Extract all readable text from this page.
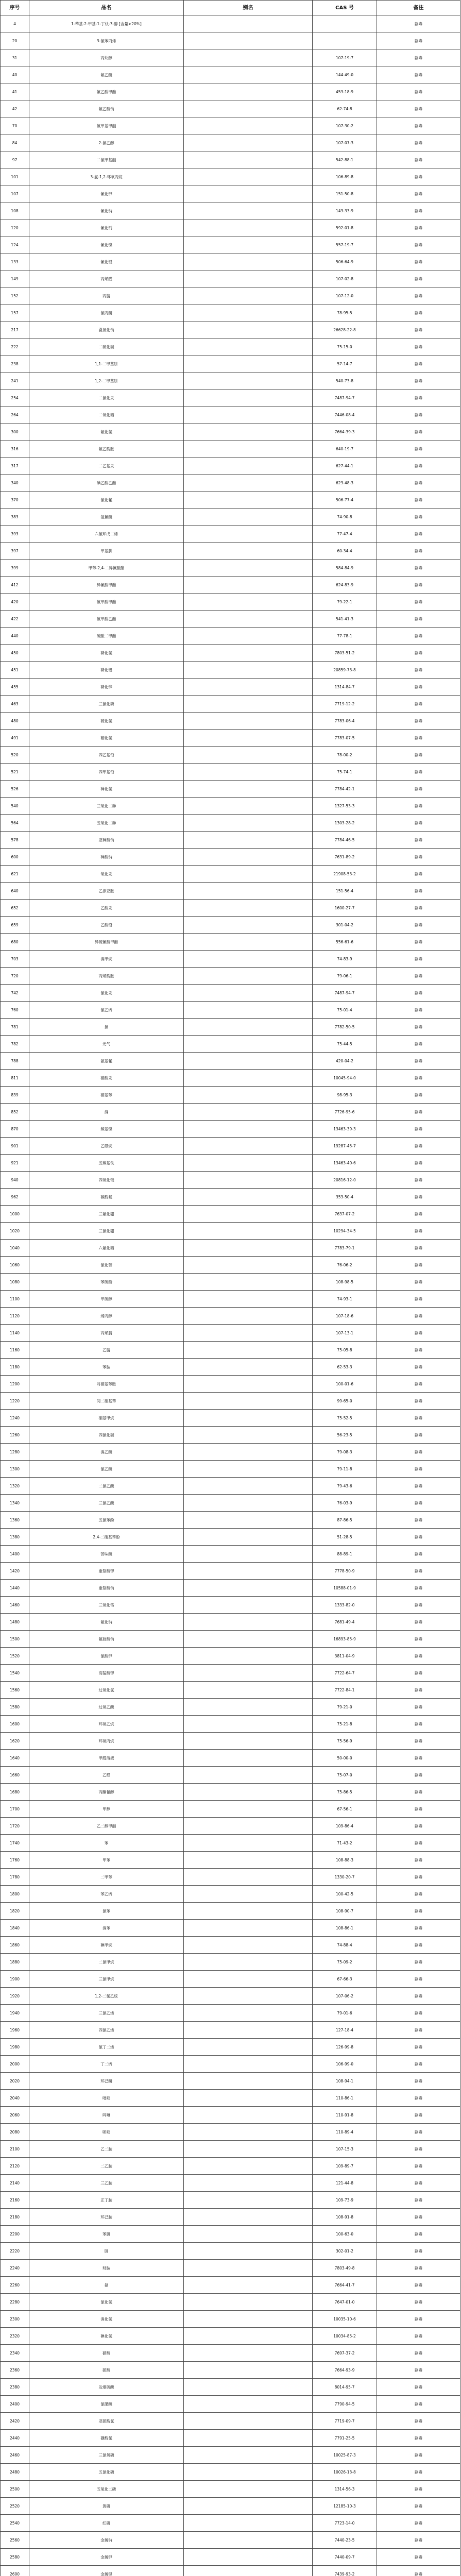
序号	品名	别名	CAS 号	备注
4	1-苯基-2-甲基-1-丁炔-3-醇 [含量>20%]			剧毒
20	3-氯苯丙烯			剧毒
31	丙炔醇		107-19-7	剧毒
40	氟乙酸		144-49-0	剧毒
41	氟乙酸甲酯		453-18-9	剧毒
42	氟乙酸钠		62-74-8	剧毒
70	氯甲基甲醚		107-30-2	剧毒
84	2-氯乙醇		107-07-3	剧毒
97	二氯甲基醚		542-88-1	剧毒
101	3-氯-1,2-环氧丙烷		106-89-8	剧毒
107	氰化钾		151-50-8	剧毒
108	氰化钠		143-33-9	剧毒
120	氰化钙		592-01-8	剧毒
124	氰化镍		557-19-7	剧毒
133	氰化银		506-64-9	剧毒
149	丙烯醛		107-02-8	剧毒
152	丙腈		107-12-0	剧毒
157	氯丙酮		78-95-5	剧毒
217	叠氮化钠		26628-22-8	剧毒
222	二硫化碳		75-15-0	剧毒
238	1,1-二甲基肼		57-14-7	剧毒
241	1,2-二甲基肼		540-73-8	剧毒
254	二氯化汞		7487-94-7	剧毒
264	二氧化硒		7446-08-4	剧毒
300	氟化氢		7664-39-3	剧毒
316	氟乙酰胺		640-19-7	剧毒
317	二乙基汞		627-44-1	剧毒
340	碘乙酸乙酯		623-48-3	剧毒
370	氯化氰		506-77-4	剧毒
383	氢氰酸		74-90-8	剧毒
393	六氯环戊二烯		77-47-4	剧毒
397	甲基肼		60-34-4	剧毒
399	甲苯-2,4-二异氰酸酯		584-84-9	剧毒
412	异氰酸甲酯		624-83-9	剧毒
420	氯甲酸甲酯		79-22-1	剧毒
422	氯甲酸乙酯		541-41-3	剧毒
440	硫酸二甲酯		77-78-1	剧毒
450	磷化氢		7803-51-2	剧毒
451	磷化铝		20859-73-8	剧毒
455	磷化锌		1314-84-7	剧毒
463	三氯化磷		7719-12-2	剧毒
480	硫化氢		7783-06-4	剧毒
491	硒化氢		7783-07-5	剧毒
520	四乙基铅		78-00-2	剧毒
521	四甲基铅		75-74-1	剧毒
526	砷化氢		7784-42-1	剧毒
540	三氧化二砷		1327-53-3	剧毒
564	五氧化二砷		1303-28-2	剧毒
578	亚砷酸钠		7784-46-5	剧毒
600	砷酸钠		7631-89-2	剧毒
621	氧化汞		21908-53-2	剧毒
640	乙撑亚胺		151-56-4	剧毒
652	乙酸汞		1600-27-7	剧毒
659	乙酸铅		301-04-2	剧毒
680	异硫氰酸甲酯		556-61-6	剧毒
703	溴甲烷		74-83-9	剧毒
720	丙烯酰胺		79-06-1	剧毒
742	氯化汞		7487-94-7	剧毒
760	氯乙烯		75-01-4	剧毒
781	氯		7782-50-5	剧毒
782	光气		75-44-5	剧毒
788	氨基氰		420-04-2	剧毒
811	硝酸汞		10045-94-0	剧毒
839	硝基苯		98-95-3	剧毒
852	溴		7726-95-6	剧毒
870	羰基镍		13463-39-3	剧毒
901	乙硼烷		19287-45-7	剧毒
921	五羰基铁		13463-40-6	剧毒
940	四氧化锇		20816-12-0	剧毒
962	碳酰氟		353-50-4	剧毒
1000	三氟化硼		7637-07-2	剧毒
1020	三氯化硼		10294-34-5	剧毒
1040	六氟化硒		7783-79-1	剧毒
1060	氯化苦		76-06-2	剧毒
1080	苯硫酚		108-98-5	剧毒
1100	甲硫醇		74-93-1	剧毒
1120	烯丙醇		107-18-6	剧毒
1140	丙烯腈		107-13-1	剧毒
1160	乙腈		75-05-8	剧毒
1180	苯胺		62-53-3	剧毒
1200	对硝基苯胺		100-01-6	剧毒
1220	间二硝基苯		99-65-0	剧毒
1240	硝基甲烷		75-52-5	剧毒
1260	四氯化碳		56-23-5	剧毒
1280	溴乙酸		79-08-3	剧毒
1300	氯乙酸		79-11-8	剧毒
1320	二氯乙酸		79-43-6	剧毒
1340	三氯乙酸		76-03-9	剧毒
1360	五氯苯酚		87-86-5	剧毒
1380	2,4-二硝基苯酚		51-28-5	剧毒
1400	苦味酸		88-89-1	剧毒
1420	重铬酸钾		7778-50-9	剧毒
1440	重铬酸钠		10588-01-9	剧毒
1460	三氧化铬		1333-82-0	剧毒
1480	氟化钠		7681-49-4	剧毒
1500	氟硅酸钠		16893-85-9	剧毒
1520	氯酸钾		3811-04-9	剧毒
1540	高锰酸钾		7722-64-7	剧毒
1560	过氧化氢		7722-84-1	剧毒
1580	过氧乙酸		79-21-0	剧毒
1600	环氧乙烷		75-21-8	剧毒
1620	环氧丙烷		75-56-9	剧毒
1640	甲醛溶液		50-00-0	剧毒
1660	乙醛		75-07-0	剧毒
1680	丙酮氰醇		75-86-5	剧毒
1700	甲醇		67-56-1	剧毒
1720	乙二醇甲醚		109-86-4	剧毒
1740	苯		71-43-2	剧毒
1760	甲苯		108-88-3	剧毒
1780	二甲苯		1330-20-7	剧毒
1800	苯乙烯		100-42-5	剧毒
1820	氯苯		108-90-7	剧毒
1840	溴苯		108-86-1	剧毒
1860	碘甲烷		74-88-4	剧毒
1880	二氯甲烷		75-09-2	剧毒
1900	三氯甲烷		67-66-3	剧毒
1920	1,2-二氯乙烷		107-06-2	剧毒
1940	三氯乙烯		79-01-6	剧毒
1960	四氯乙烯		127-18-4	剧毒
1980	氯丁二烯		126-99-8	剧毒
2000	丁二烯		106-99-0	剧毒
2020	环己酮		108-94-1	剧毒
2040	吡啶		110-86-1	剧毒
2060	吗啉		110-91-8	剧毒
2080	哌啶		110-89-4	剧毒
2100	乙二胺		107-15-3	剧毒
2120	二乙胺		109-89-7	剧毒
2140	三乙胺		121-44-8	剧毒
2160	正丁胺		109-73-9	剧毒
2180	环己胺		108-91-8	剧毒
2200	苯肼		100-63-0	剧毒
2220	肼		302-01-2	剧毒
2240	羟胺		7803-49-8	剧毒
2260	氨		7664-41-7	剧毒
2280	氯化氢		7647-01-0	剧毒
2300	溴化氢		10035-10-6	剧毒
2320	碘化氢		10034-85-2	剧毒
2340	硝酸		7697-37-2	剧毒
2360	硫酸		7664-93-9	剧毒
2380	发烟硫酸		8014-95-7	剧毒
2400	氯磺酸		7790-94-5	剧毒
2420	亚硫酰氯		7719-09-7	剧毒
2440	磺酰氯		7791-25-5	剧毒
2460	三氯氧磷		10025-87-3	剧毒
2480	五氯化磷		10026-13-8	剧毒
2500	五氧化二磷		1314-56-3	剧毒
2520	黄磷		12185-10-3	剧毒
2540	红磷		7723-14-0	剧毒
2560	金属钠		7440-23-5	剧毒
2580	金属钾		7440-09-7	剧毒
2600	金属锂		7439-93-2	剧毒
